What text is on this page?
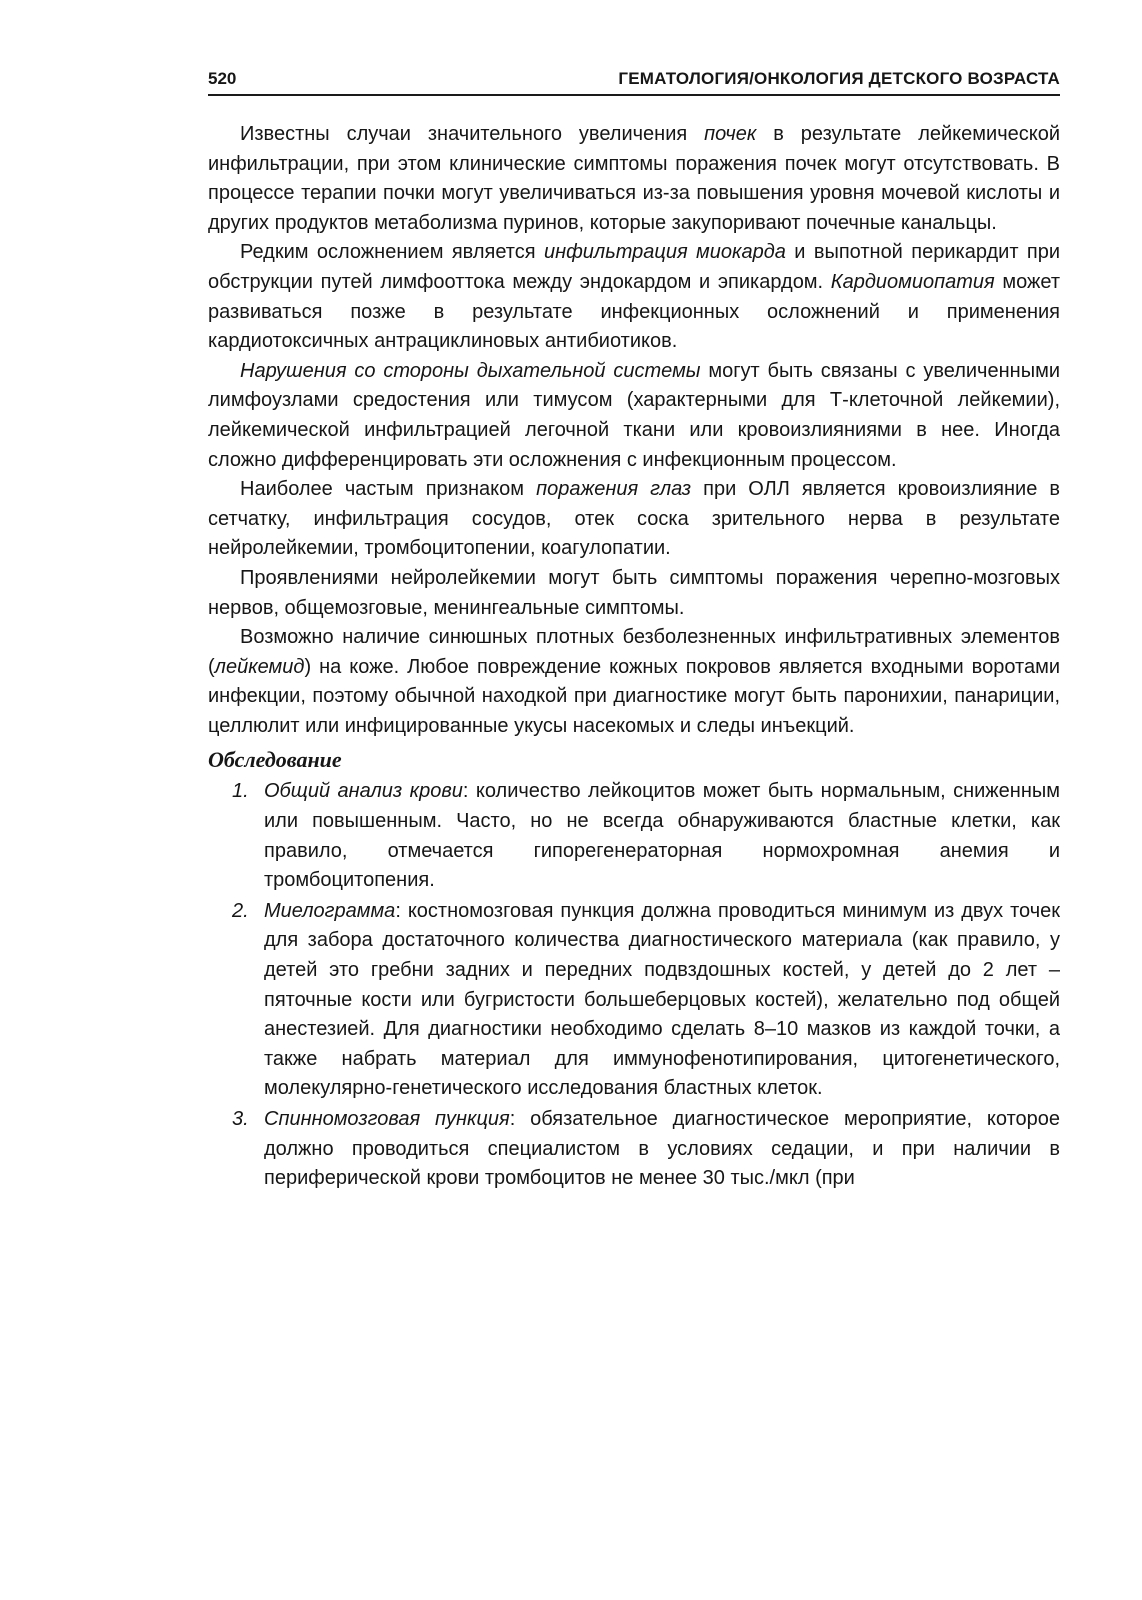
520	ГЕМАТОЛОГИЯ/ОНКОЛОГИЯ ДЕТСКОГО ВОЗРАСТА

Известны случаи значительного увеличения почек в результате лейкемической инфильтрации, при этом клинические симптомы поражения почек могут отсутствовать. В процессе терапии почки могут увеличиваться из-за повышения уровня мочевой кислоты и других продуктов метаболизма пуринов, которые закупоривают почечные канальцы.

Редким осложнением является инфильтрация миокарда и выпотной перикардит при обструкции путей лимфооттока между эндокардом и эпикардом. Кардиомиопатия может развиваться позже в результате инфекционных осложнений и применения кардиотоксичных антрациклиновых антибиотиков.

Нарушения со стороны дыхательной системы могут быть связаны с увеличенными лимфоузлами средостения или тимусом (характерными для Т-клеточной лейкемии), лейкемической инфильтрацией легочной ткани или кровоизлияниями в нее. Иногда сложно дифференцировать эти осложнения с инфекционным процессом.

Наиболее частым признаком поражения глаз при ОЛЛ является кровоизлияние в сетчатку, инфильтрация сосудов, отек соска зрительного нерва в результате нейролейкемии, тромбоцитопении, коагулопатии.

Проявлениями нейролейкемии могут быть симптомы поражения черепно-мозговых нервов, общемозговые, менингеальные симптомы.

Возможно наличие синюшных плотных безболезненных инфильтративных элементов (лейкемид) на коже. Любое повреждение кожных покровов является входными воротами инфекции, поэтому обычной находкой при диагностике могут быть паронихии, панариции, целлюлит или инфицированные укусы насекомых и следы инъекций.

Обследование
1. Общий анализ крови: количество лейкоцитов может быть нормальным, сниженным или повышенным. Часто, но не всегда обнаруживаются бластные клетки, как правило, отмечается гипорегенераторная нормохромная анемия и тромбоцитопения.
2. Миелограмма: костномозговая пункция должна проводиться минимум из двух точек для забора достаточного количества диагностического материала (как правило, у детей это гребни задних и передних подвздошных костей, у детей до 2 лет – пяточные кости или бугристости большеберцовых костей), желательно под общей анестезией. Для диагностики необходимо сделать 8–10 мазков из каждой точки, а также набрать материал для иммунофенотипирования, цитогенетического, молекулярно-генетического исследования бластных клеток.
3. Спинномозговая пункция: обязательное диагностическое мероприятие, которое должно проводиться специалистом в условиях седации, и при наличии в периферической крови тромбоцитов не менее 30 тыс./мкл (при
